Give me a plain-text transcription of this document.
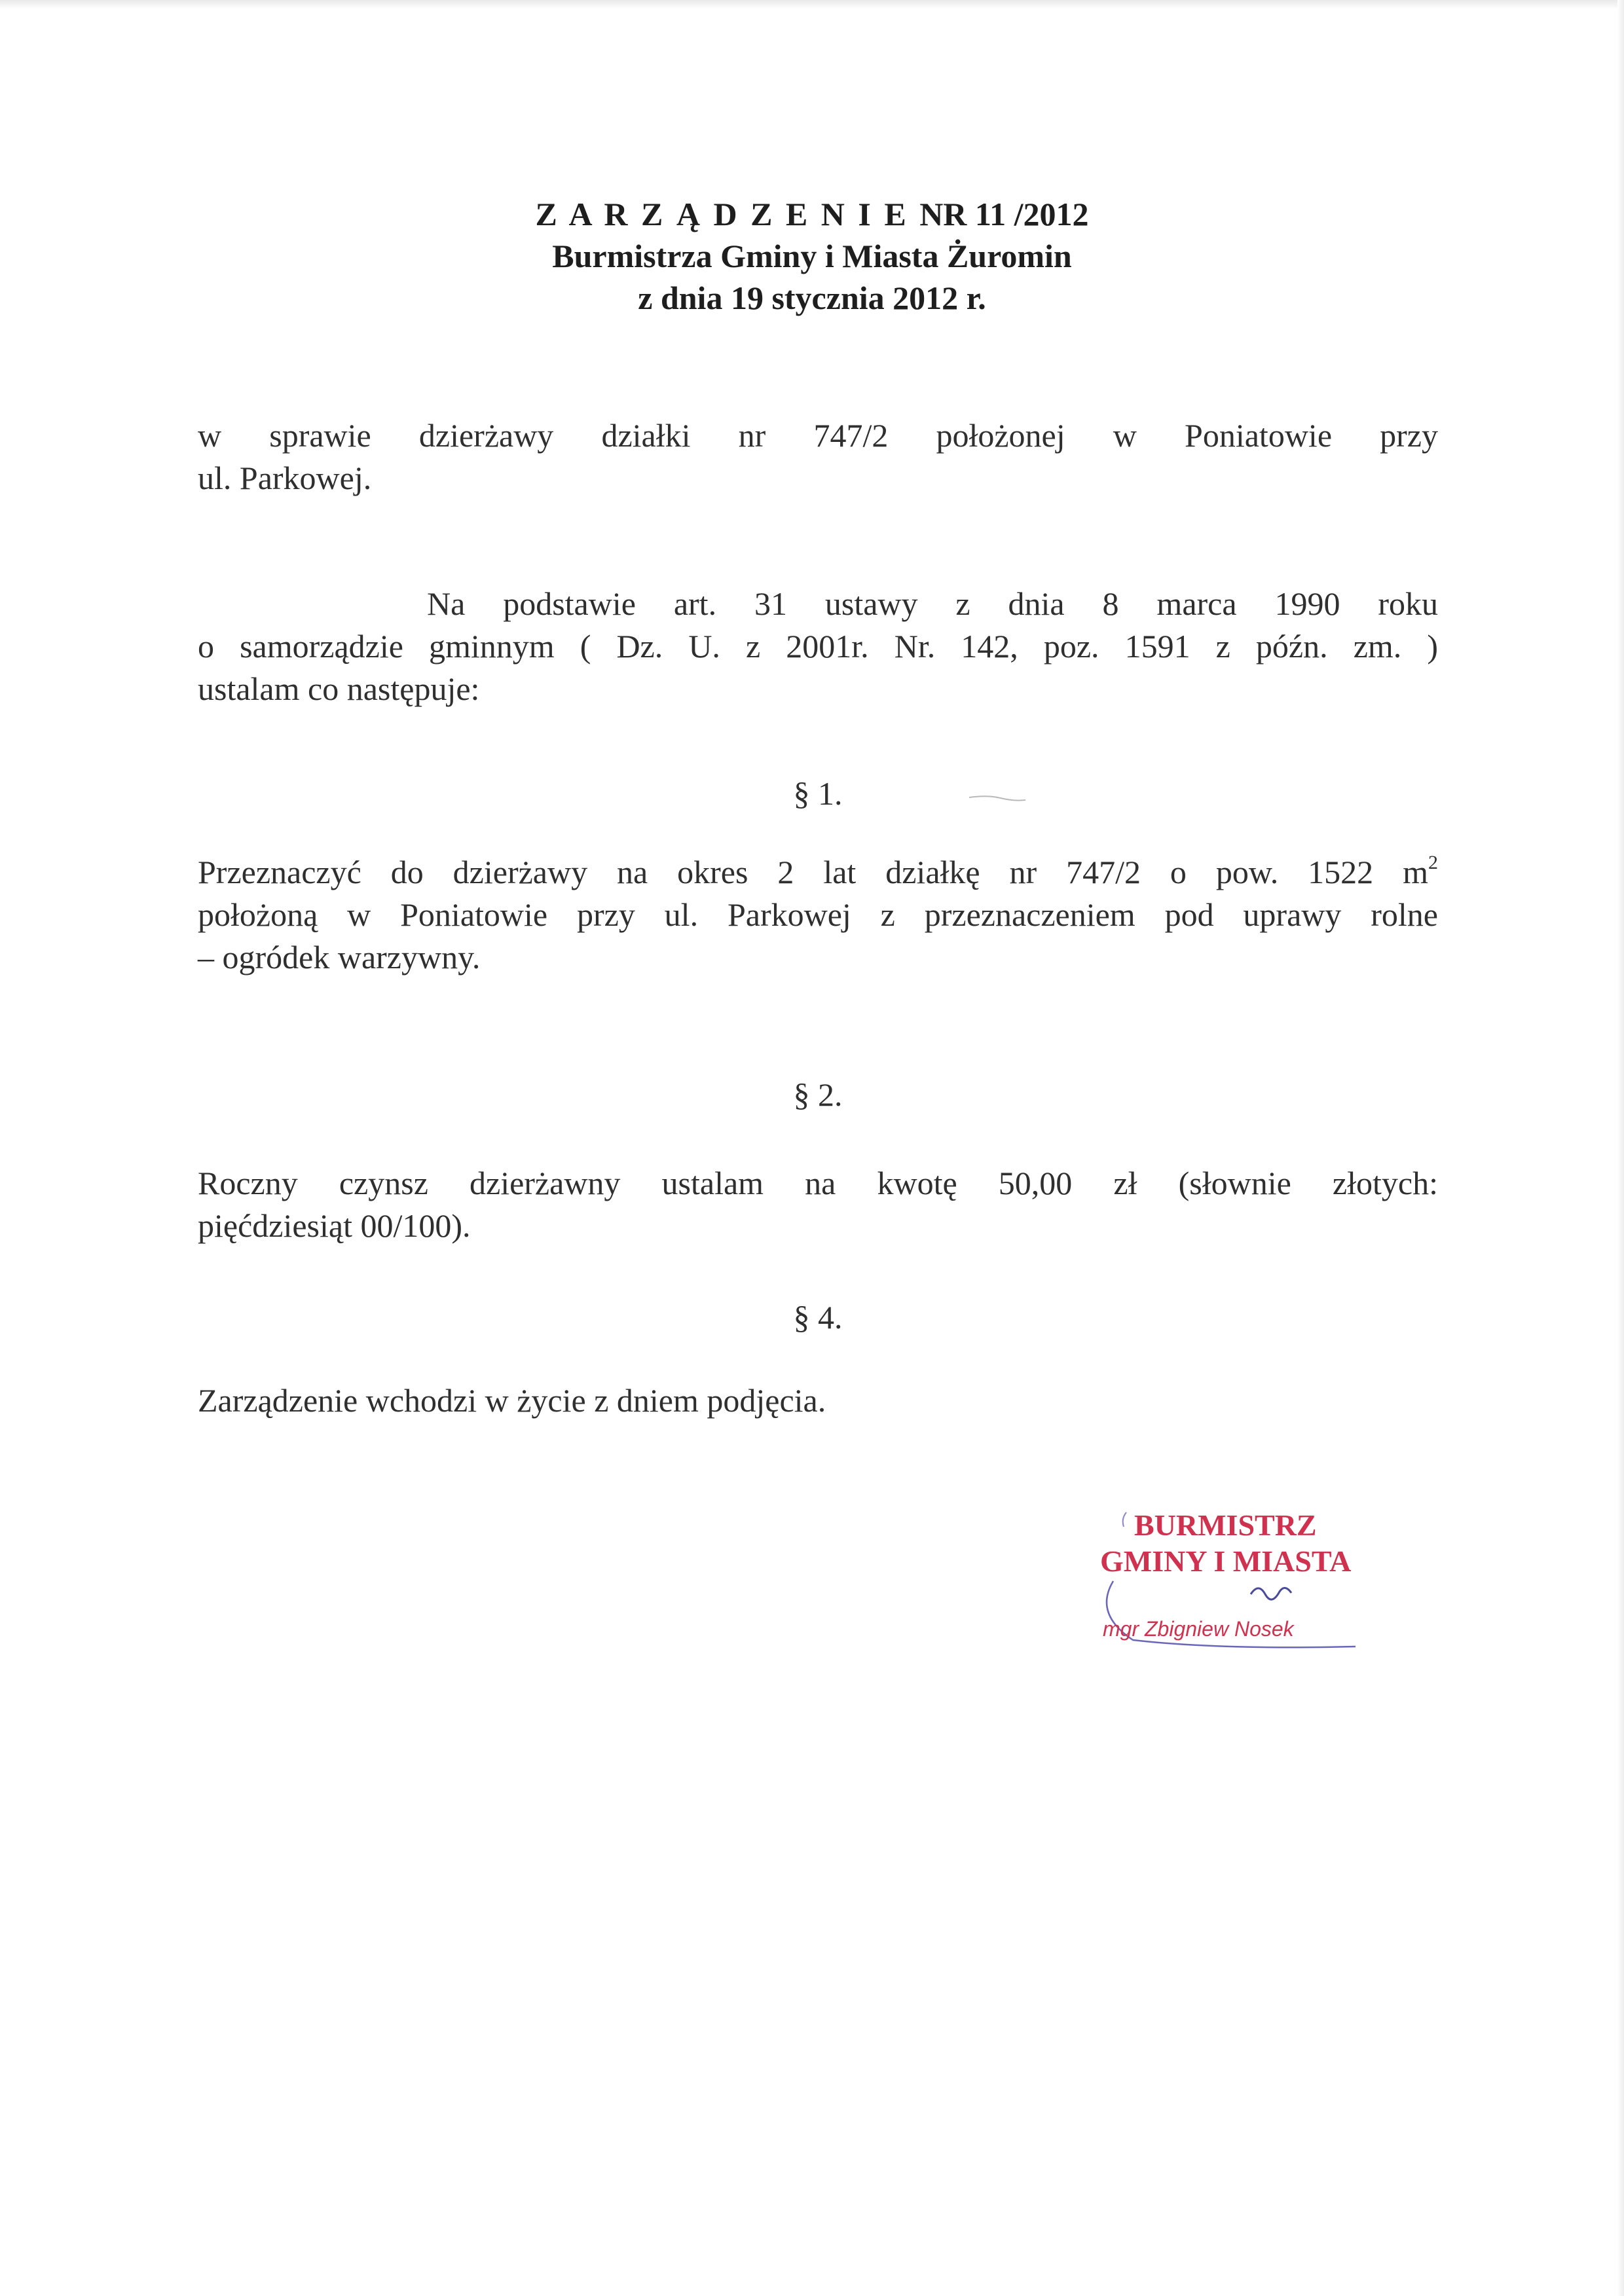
Z A R Z Ą D Z E N I E NR 11 /2012
Burmistrza Gminy i Miasta Żuromin
z dnia 19 stycznia 2012 r.
w sprawie dzierżawy działki nr 747/2 położonej w Poniatowie przy
ul. Parkowej.
Na podstawie art. 31 ustawy z dnia 8 marca 1990 roku
o samorządzie gminnym ( Dz. U. z 2001r. Nr. 142, poz. 1591 z późn. zm. )
ustalam co następuje:
§ 1.
Przeznaczyć do dzierżawy na okres 2 lat działkę nr 747/2 o pow. 1522 $m^2$
położoną w Poniatowie przy ul. Parkowej z przeznaczeniem pod uprawy rolne
– ogródek warzywny.
§ 2.
Roczny czynsz dzierżawny ustalam na kwotę 50,00 zł (słownie złotych:
pięćdziesiąt 00/100).
§ 4.
Zarządzenie wchodzi w życie z dniem podjęcia.
BURMISTRZ
GMINY I MIASTA
mgr Zbigniew Nosek
